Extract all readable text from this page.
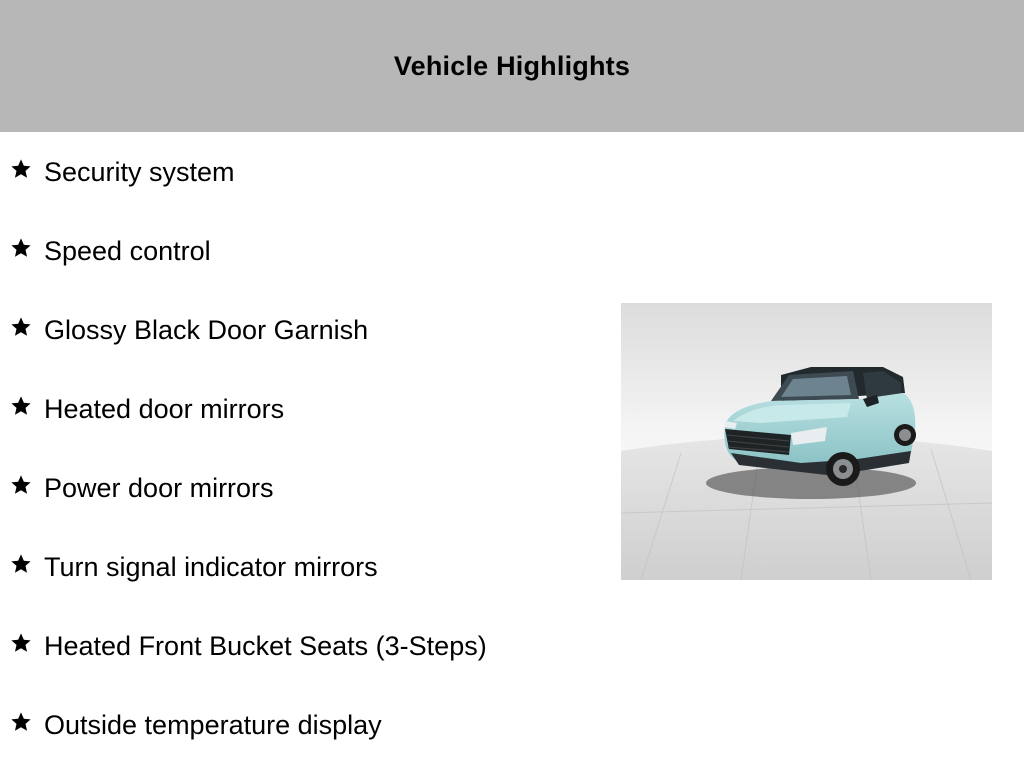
Vehicle Highlights
Security system
Speed control
Glossy Black Door Garnish
Heated door mirrors
Power door mirrors
Turn signal indicator mirrors
Heated Front Bucket Seats (3-Steps)
Outside temperature display
